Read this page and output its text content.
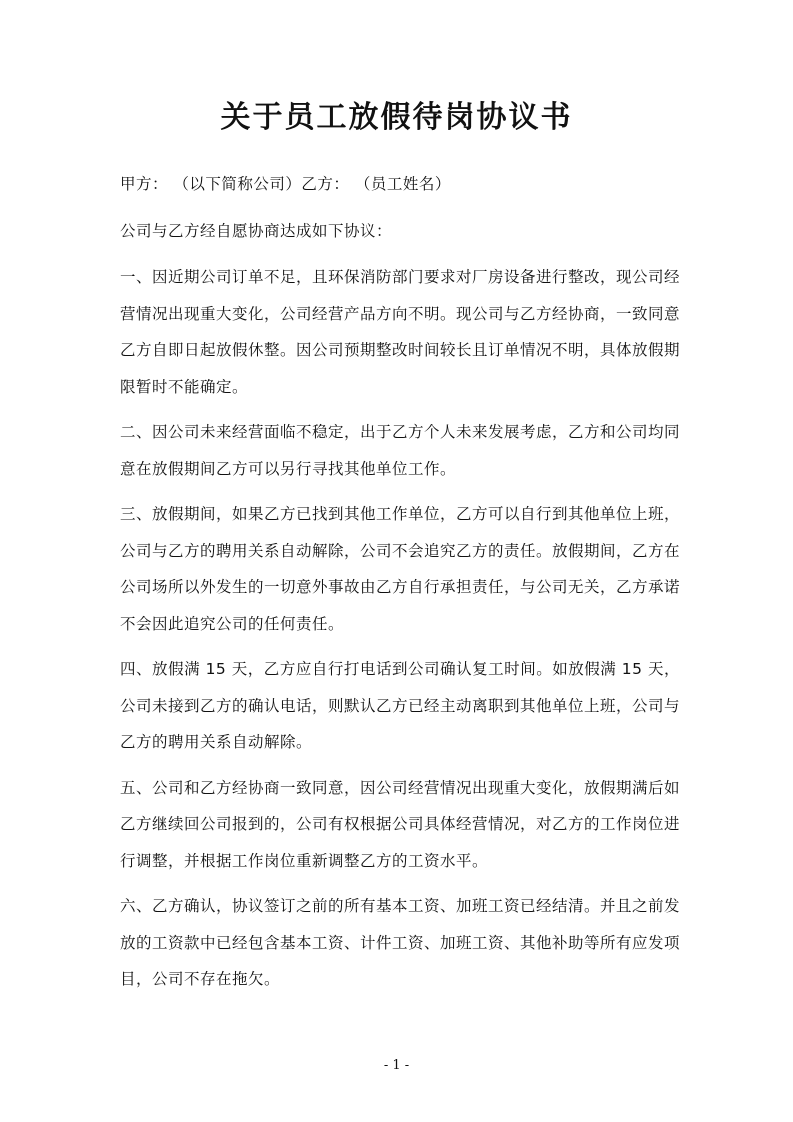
关于员工放假待岗协议书

甲方： （以下简称公司）乙方： （员工姓名）

公司与乙方经自愿协商达成如下协议：

一、因近期公司订单不足，且环保消防部门要求对厂房设备进行整改，现公司经营情况出现重大变化，公司经营产品方向不明。现公司与乙方经协商，一致同意乙方自即日起放假休整。因公司预期整改时间较长且订单情况不明，具体放假期限暂时不能确定。

二、因公司未来经营面临不稳定，出于乙方个人未来发展考虑，乙方和公司均同意在放假期间乙方可以另行寻找其他单位工作。

三、放假期间，如果乙方已找到其他工作单位，乙方可以自行到其他单位上班，公司与乙方的聘用关系自动解除，公司不会追究乙方的责任。放假期间，乙方在公司场所以外发生的一切意外事故由乙方自行承担责任，与公司无关，乙方承诺不会因此追究公司的任何责任。

四、放假满 15 天，乙方应自行打电话到公司确认复工时间。如放假满 15 天，公司未接到乙方的确认电话，则默认乙方已经主动离职到其他单位上班，公司与乙方的聘用关系自动解除。

五、公司和乙方经协商一致同意，因公司经营情况出现重大变化，放假期满后如乙方继续回公司报到的，公司有权根据公司具体经营情况，对乙方的工作岗位进行调整，并根据工作岗位重新调整乙方的工资水平。

六、乙方确认，协议签订之前的所有基本工资、加班工资已经结清。并且之前发放的工资款中已经包含基本工资、计件工资、加班工资、其他补助等所有应发项目，公司不存在拖欠。

- 1 -
